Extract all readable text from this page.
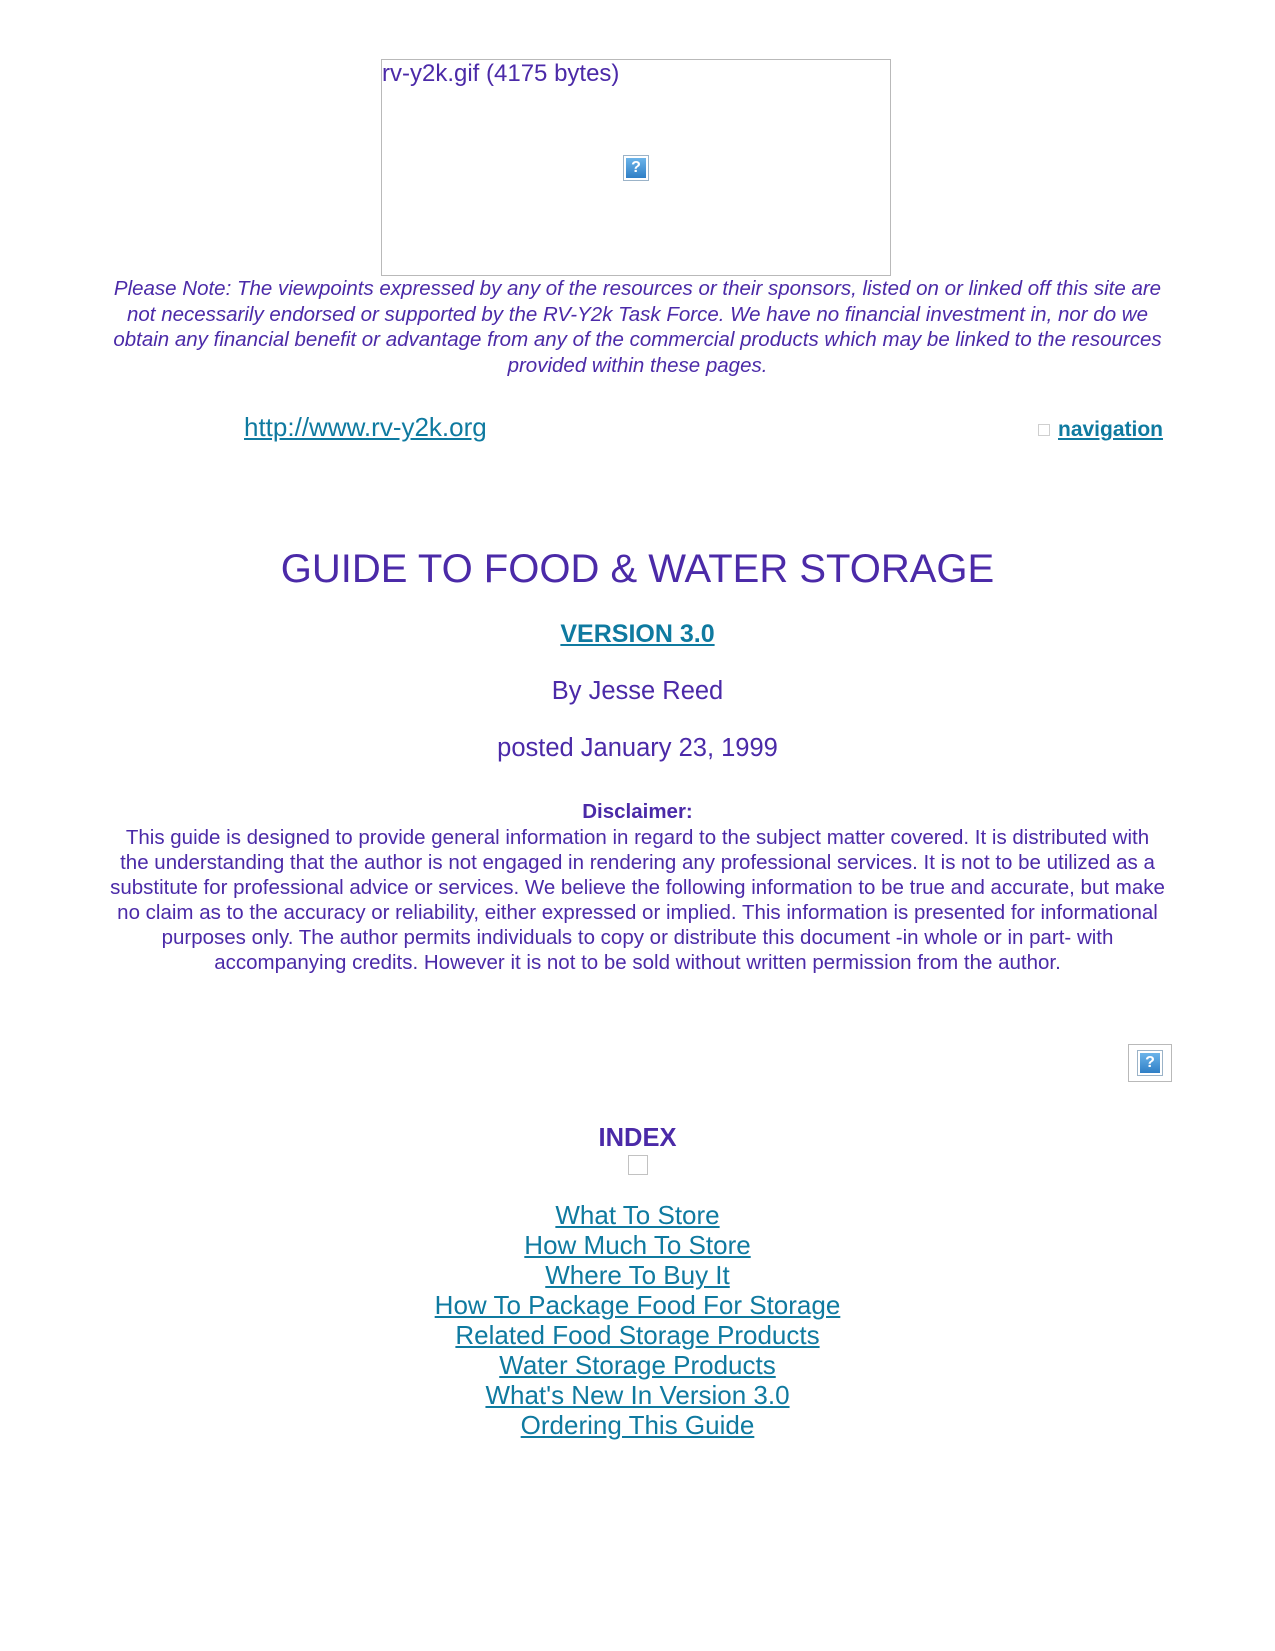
rv-y2k.gif (4175 bytes)
?
Please Note: The viewpoints expressed by any of the resources or their sponsors, listed on or linked off this site are not necessarily endorsed or supported by the RV-Y2k Task Force. We have no financial investment in, nor do we obtain any financial benefit or advantage from any of the commercial products which may be linked to the resources provided within these pages.
http://www.rv-y2k.org	navigation
GUIDE TO FOOD & WATER STORAGE
VERSION 3.0
By Jesse Reed
posted January 23, 1999
Disclaimer:
This guide is designed to provide general information in regard to the subject matter covered. It is distributed with the understanding that the author is not engaged in rendering any professional services. It is not to be utilized as a substitute for professional advice or services. We believe the following information to be true and accurate, but make no claim as to the accuracy or reliability, either expressed or implied. This information is presented for informational purposes only. The author permits individuals to copy or distribute this document -in whole or in part- with accompanying credits. However it is not to be sold without written permission from the author.
?
INDEX
What To Store
How Much To Store
Where To Buy It
How To Package Food For Storage
Related Food Storage Products
Water Storage Products
What's New In Version 3.0
Ordering This Guide
